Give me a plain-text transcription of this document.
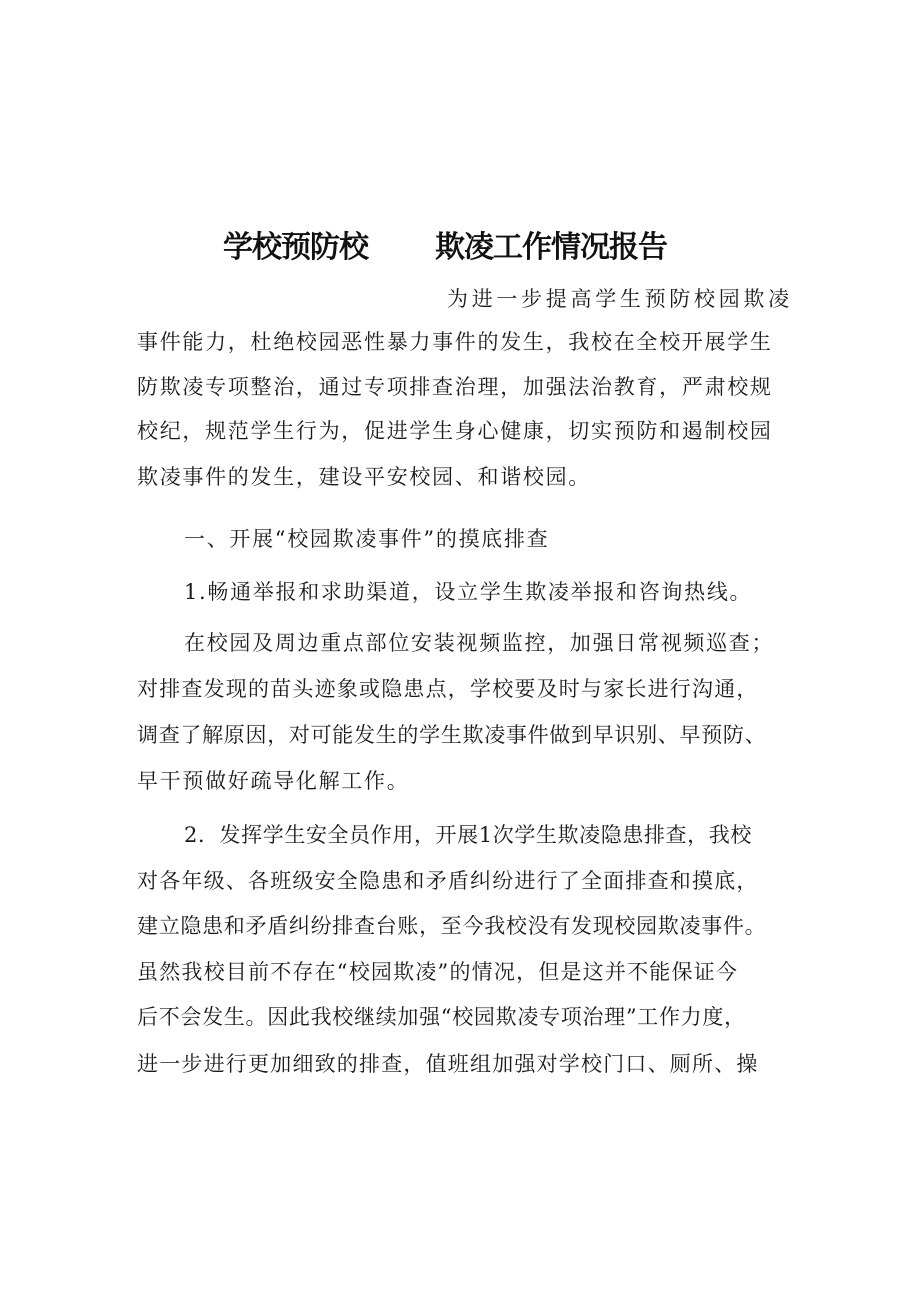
学校预防校 欺凌工作情况报告
为进一步提高学生预防校园欺凌
事件能力，杜绝校园恶性暴力事件的发生，我校在全校开展学生
防欺凌专项整治，通过专项排查治理，加强法治教育，严肃校规
校纪，规范学生行为，促进学生身心健康，切实预防和遏制校园
欺凌事件的发生，建设平安校园、和谐校园。
一、开展“校园欺凌事件”的摸底排查
1.畅通举报和求助渠道，设立学生欺凌举报和咨询热线。
在校园及周边重点部位安装视频监控，加强日常视频巡查；
对排查发现的苗头迹象或隐患点，学校要及时与家长进行沟通，
调查了解原因，对可能发生的学生欺凌事件做到早识别、早预防、
早干预做好疏导化解工作。
2．发挥学生安全员作用，开展1次学生欺凌隐患排查，我校
对各年级、各班级安全隐患和矛盾纠纷进行了全面排查和摸底，
建立隐患和矛盾纠纷排查台账，至今我校没有发现校园欺凌事件。
虽然我校目前不存在“校园欺凌”的情况，但是这并不能保证今
后不会发生。因此我校继续加强“校园欺凌专项治理”工作力度，
进一步进行更加细致的排查，值班组加强对学校门口、厕所、操
